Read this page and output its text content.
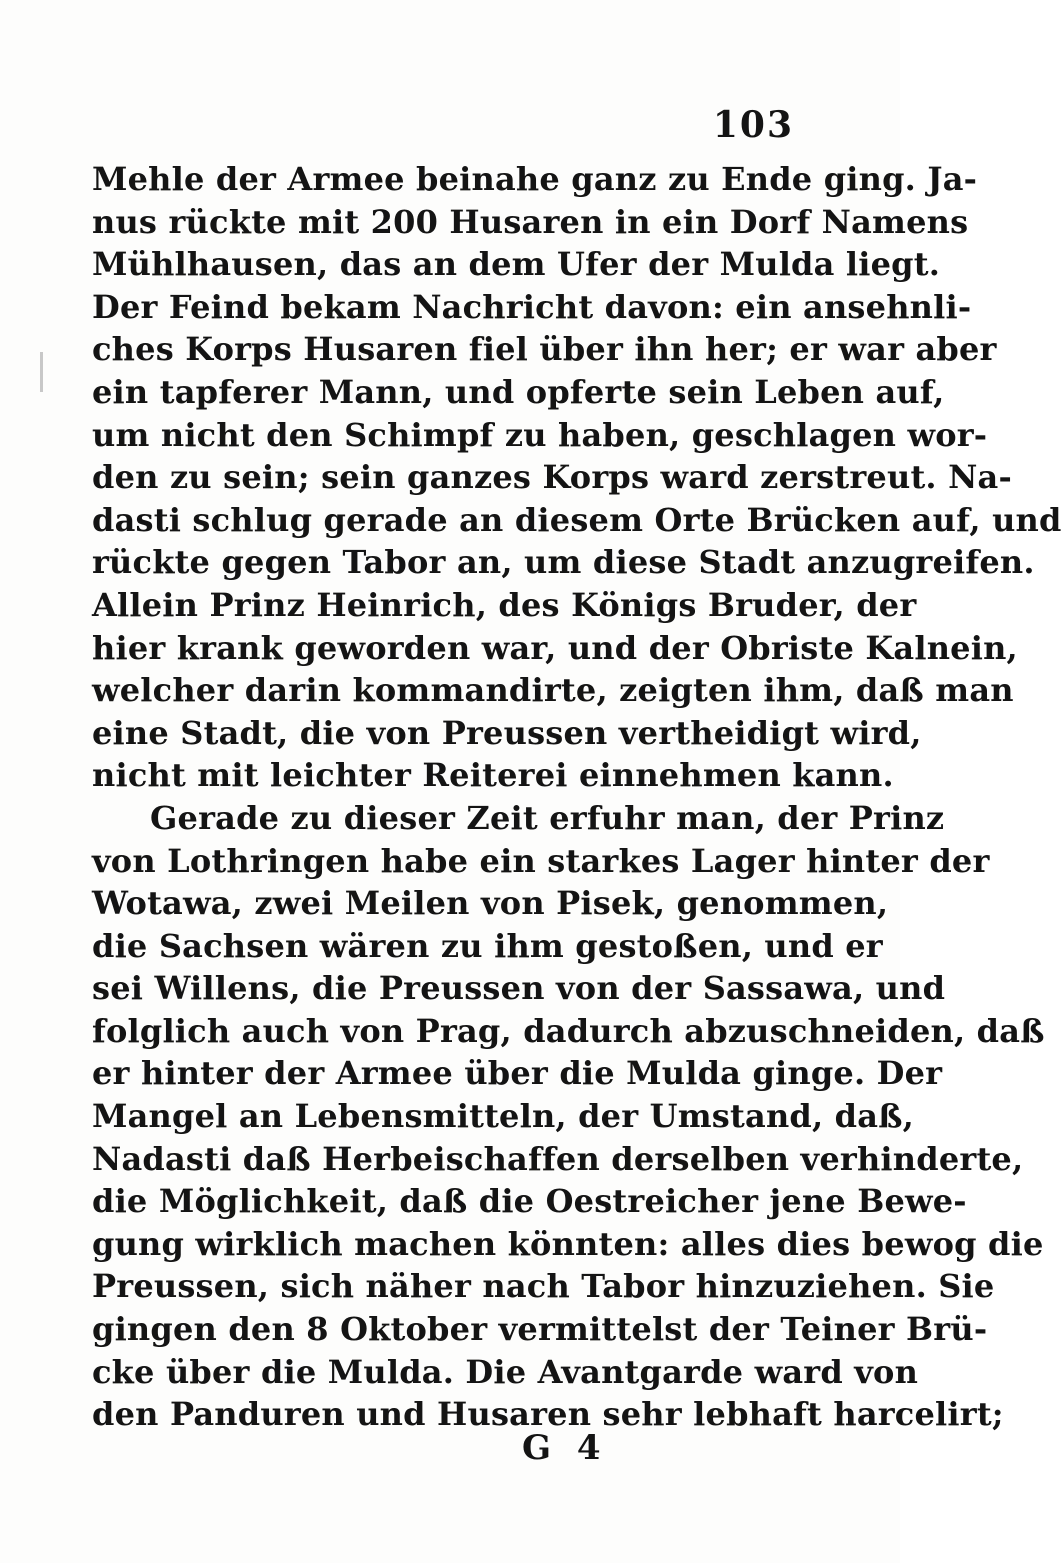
103
Mehle der Armee beinahe ganz zu Ende ging. Ja-
nus rückte mit 200 Husaren in ein Dorf Namens
Mühlhausen, das an dem Ufer der Mulda liegt.
Der Feind bekam Nachricht davon: ein ansehnli-
ches Korps Husaren fiel über ihn her; er war aber
ein tapferer Mann, und opferte sein Leben auf,
um nicht den Schimpf zu haben, geschlagen wor-
den zu sein; sein ganzes Korps ward zerstreut. Na-
dasti schlug gerade an diesem Orte Brücken auf, und
rückte gegen Tabor an, um diese Stadt anzugreifen.
Allein Prinz Heinrich, des Königs Bruder, der
hier krank geworden war, und der Obriste Kalnein,
welcher darin kommandirte, zeigten ihm, daß man
eine Stadt, die von Preussen vertheidigt wird,
nicht mit leichter Reiterei einnehmen kann.
Gerade zu dieser Zeit erfuhr man, der Prinz
von Lothringen habe ein starkes Lager hinter der
Wotawa, zwei Meilen von Pisek, genommen,
die Sachsen wären zu ihm gestoßen, und er
sei Willens, die Preussen von der Sassawa, und
folglich auch von Prag, dadurch abzuschneiden, daß
er hinter der Armee über die Mulda ginge. Der
Mangel an Lebensmitteln, der Umstand, daß,
Nadasti daß Herbeischaffen derselben verhinderte,
die Möglichkeit, daß die Oestreicher jene Bewe-
gung wirklich machen könnten: alles dies bewog die
Preussen, sich näher nach Tabor hinzuziehen. Sie
gingen den 8 Oktober vermittelst der Teiner Brü-
cke über die Mulda. Die Avantgarde ward von
den Panduren und Husaren sehr lebhaft harcelirt;
G 4
